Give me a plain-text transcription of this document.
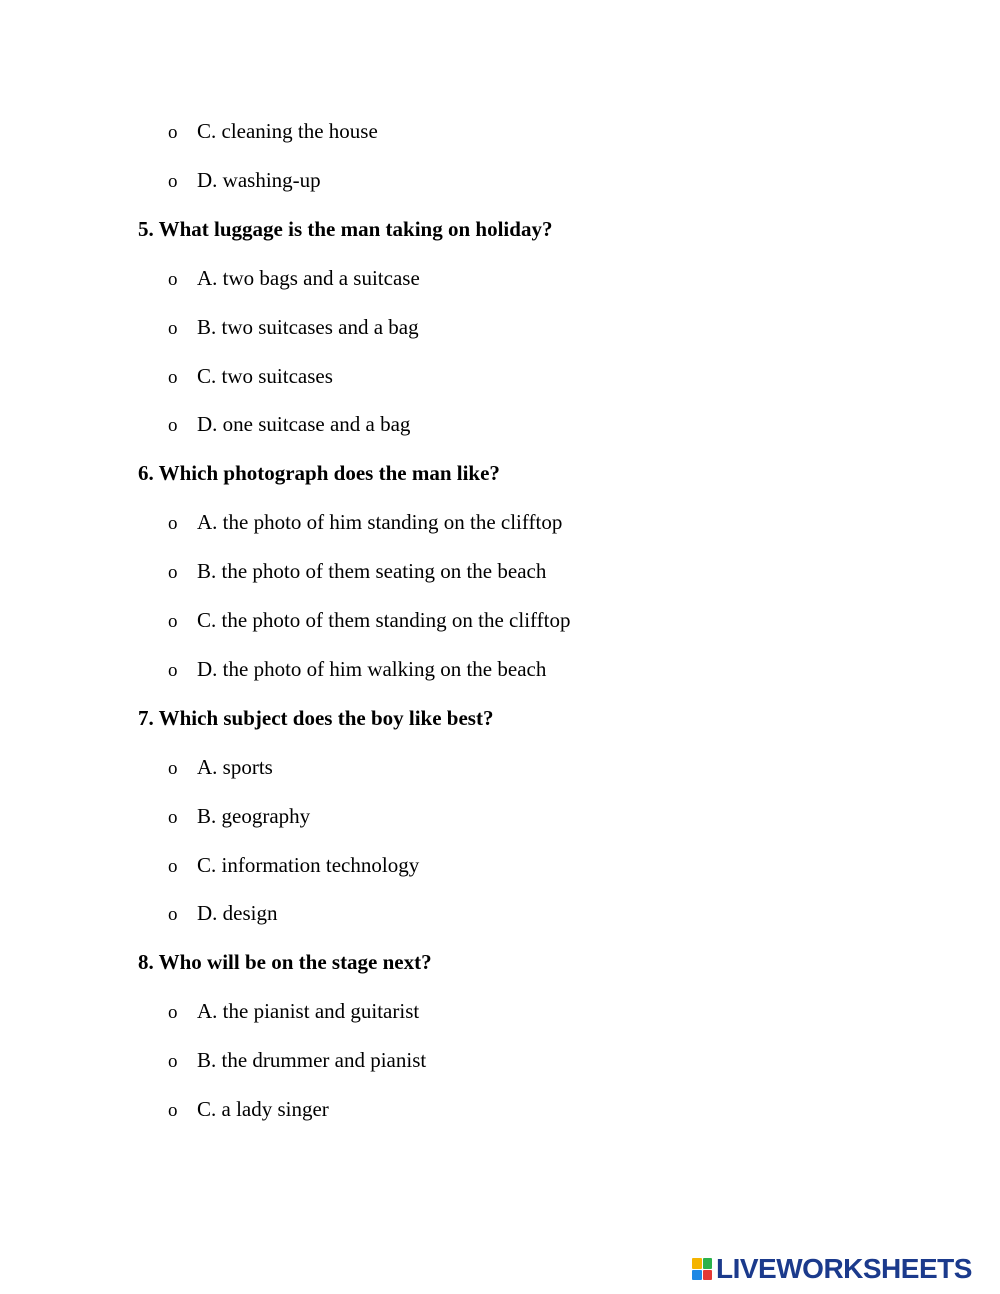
o C. cleaning the house
o D. washing-up
5. What luggage is the man taking on holiday?
o A. two bags and a suitcase
o B. two suitcases and a bag
o C. two suitcases
o D. one suitcase and a bag
6. Which photograph does the man like?
o A. the photo of him standing on the clifftop
o B. the photo of them seating on the beach
o C. the photo of them standing on the clifftop
o D. the photo of him walking on the beach
7. Which subject does the boy like best?
o A. sports
o B. geography
o C. information technology
o D. design
8. Who will be on the stage next?
o A. the pianist and guitarist
o B. the drummer and pianist
o C. a lady singer
LIVEWORKSHEETS
